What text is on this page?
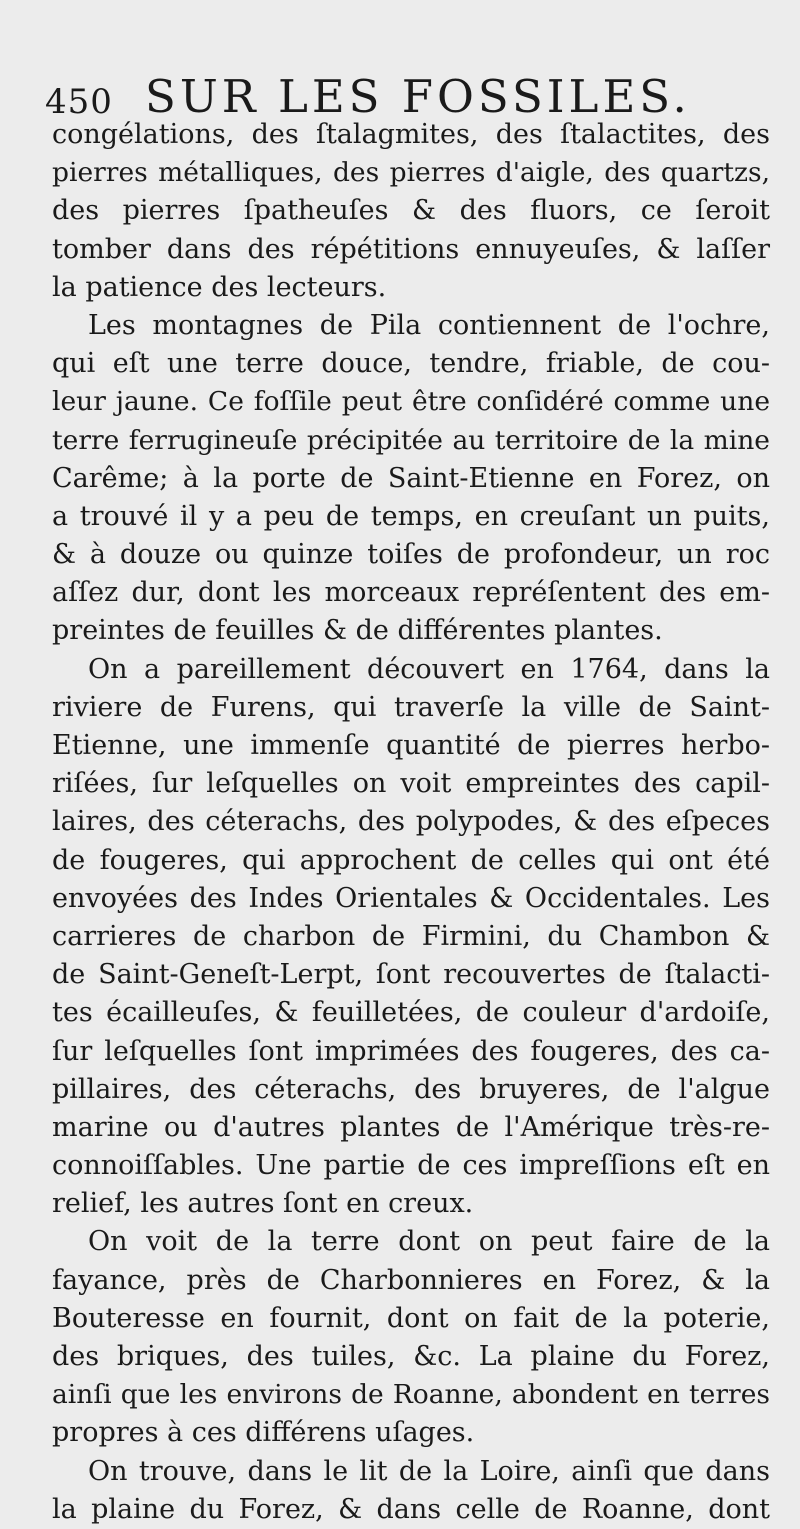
450 SUR LES FOSSILES.
congélations, des ſtalagmites, des ſtalactites, des
pierres métalliques, des pierres d'aigle, des quartzs,
des pierres ſpatheuſes & des fluors, ce ſeroit
tomber dans des répétitions ennuyeuſes, & laſſer
la patience des lecteurs.
Les montagnes de Pila contiennent de l'ochre,
qui eſt une terre douce, tendre, friable, de cou-
leur jaune. Ce foſſile peut être conſidéré comme une
terre ferrugineuſe précipitée au territoire de la mine
Carême; à la porte de Saint-Etienne en Forez, on
a trouvé il y a peu de temps, en creuſant un puits,
& à douze ou quinze toiſes de profondeur, un roc
aſſez dur, dont les morceaux repréſentent des em-
preintes de feuilles & de différentes plantes.
On a pareillement découvert en 1764, dans la
riviere de Furens, qui traverſe la ville de Saint-
Etienne, une immenſe quantité de pierres herbo-
riſées, ſur leſquelles on voit empreintes des capil-
laires, des céterachs, des polypodes, & des eſpeces
de fougeres, qui approchent de celles qui ont été
envoyées des Indes Orientales & Occidentales. Les
carrieres de charbon de Firmini, du Chambon &
de Saint-Geneſt-Lerpt, ſont recouvertes de ſtalacti-
tes écailleuſes, & feuilletées, de couleur d'ardoiſe,
ſur leſquelles ſont imprimées des fougeres, des ca-
pillaires, des céterachs, des bruyeres, de l'algue
marine ou d'autres plantes de l'Amérique très-re-
connoiſſables. Une partie de ces impreſſions eſt en
relief, les autres ſont en creux.
On voit de la terre dont on peut faire de la
fayance, près de Charbonnieres en Forez, & la
Bouteresse en fournit, dont on fait de la poterie,
des briques, des tuiles, &c. La plaine du Forez,
ainſi que les environs de Roanne, abondent en terres
propres à ces différens uſages.
On trouve, dans le lit de la Loire, ainſi que dans
la plaine du Forez, & dans celle de Roanne, dont
